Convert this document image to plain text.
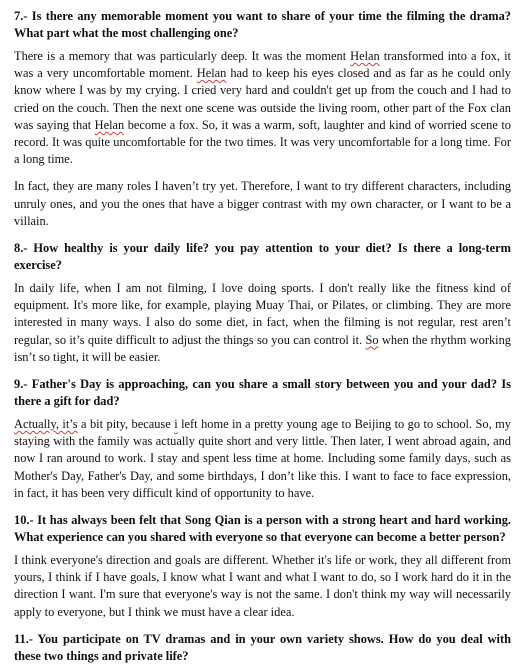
7.- Is there any memorable moment you want to share of your time the filming the drama? What part what the most challenging one?

There is a memory that was particularly deep. It was the moment Helan transformed into a fox, it was a very uncomfortable moment. Helan had to keep his eyes closed and as far as he could only know where I was by my crying. I cried very hard and couldn't get up from the couch and I had to cried on the couch. Then the next one scene was outside the living room, other part of the Fox clan was saying that Helan become a fox. So, it was a warm, soft, laughter and kind of worried scene to record. It was quite uncomfortable for the two times. It was very uncomfortable for a long time. For a long time.

In fact, they are many roles I haven’t try yet. Therefore, I want to try different characters, including unruly ones, and you the ones that have a bigger contrast with my own character, or I want to be a villain.

8.- How healthy is your daily life? you pay attention to your diet? Is there a long-term exercise?

In daily life, when I am not filming, I love doing sports. I don't really like the fitness kind of equipment. It's more like, for example, playing Muay Thai, or Pilates, or climbing. They are more interested in many ways. I also do some diet, in fact, when the filming is not regular, rest aren’t regular, so it’s quite difficult to adjust the things so you can control it. So when the rhythm working isn’t so tight, it will be easier.

9.- Father's Day is approaching, can you share a small story between you and your dad? Is there a gift for dad?

Actually, it’s a bit pity, because i left home in a pretty young age to Beijing to go to school. So, my staying with the family was actually quite short and very little. Then later, I went abroad again, and now I ran around to work. I stay and spent less time at home. Including some family days, such as Mother's Day, Father's Day, and some birthdays, I don’t like this. I want to face to face expression, in fact, it has been very difficult kind of opportunity to have.

10.- It has always been felt that Song Qian is a person with a strong heart and hard working. What experience can you shared with everyone so that everyone can become a better person?

I think everyone's direction and goals are different. Whether it's life or work, they all different from yours, I think if I have goals, I know what I want and what I want to do, so I work hard do it in the direction I want. I'm sure that everyone's way is not the same. I don't think my way will necessarily apply to everyone, but I think we must have a clear idea.

11.- You participate on TV dramas and in your own variety shows. How do you deal with these two things and private life?
